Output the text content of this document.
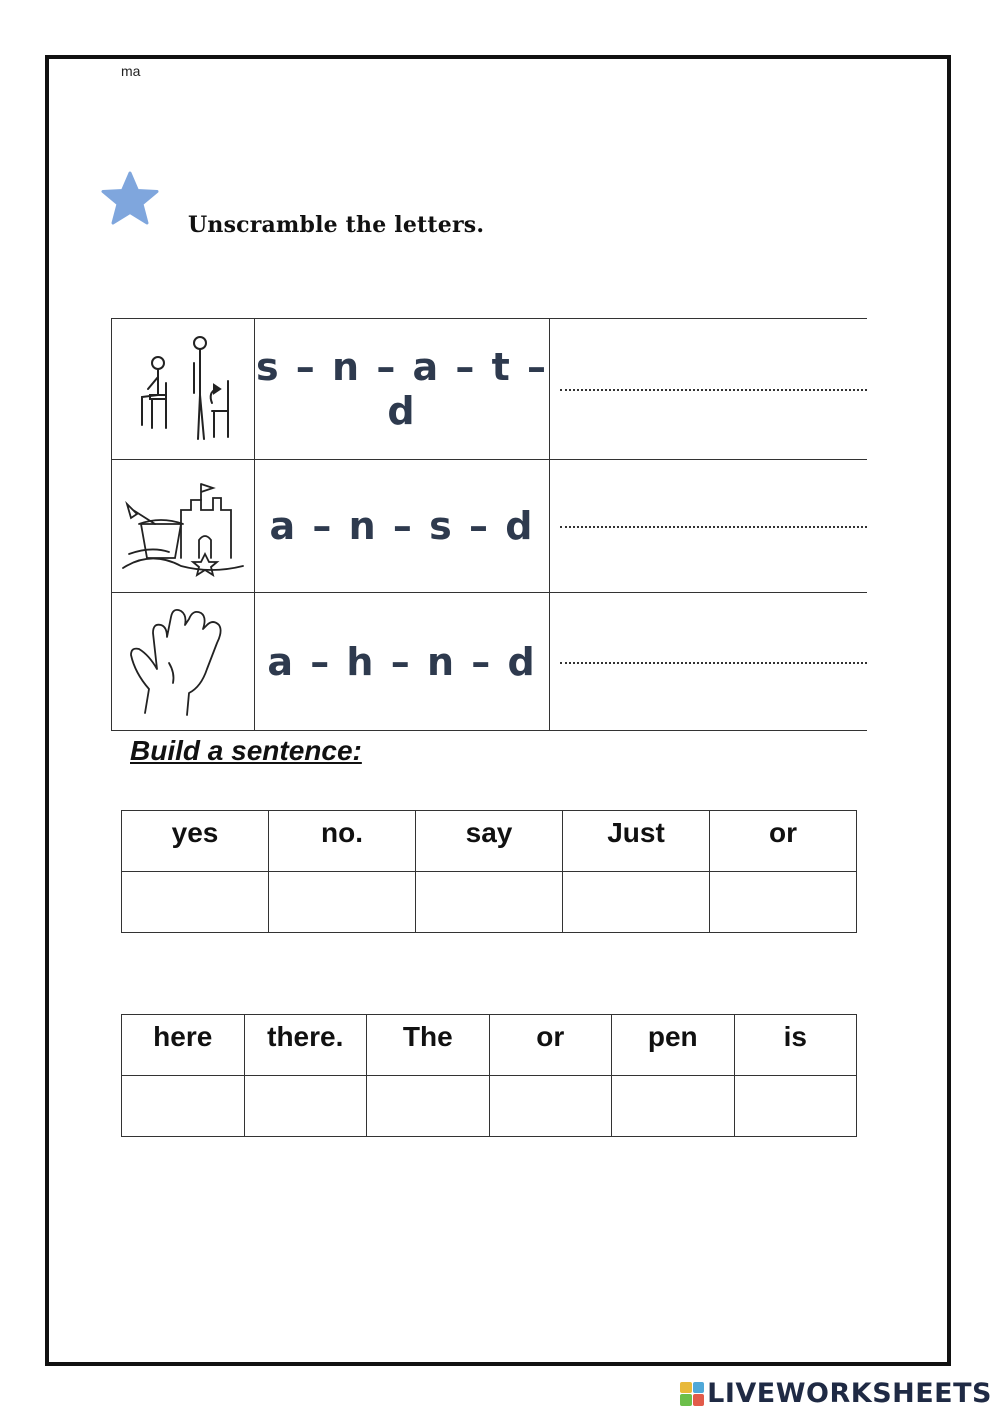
ma
Unscramble the letters.
	s – n – a – t – d	

	a – n – s – d	

	a – h – n – d	
Build a sentence:
yes	no.	say	Just	or

here	there.	The	or	pen	is

LIVEWORKSHEETS
